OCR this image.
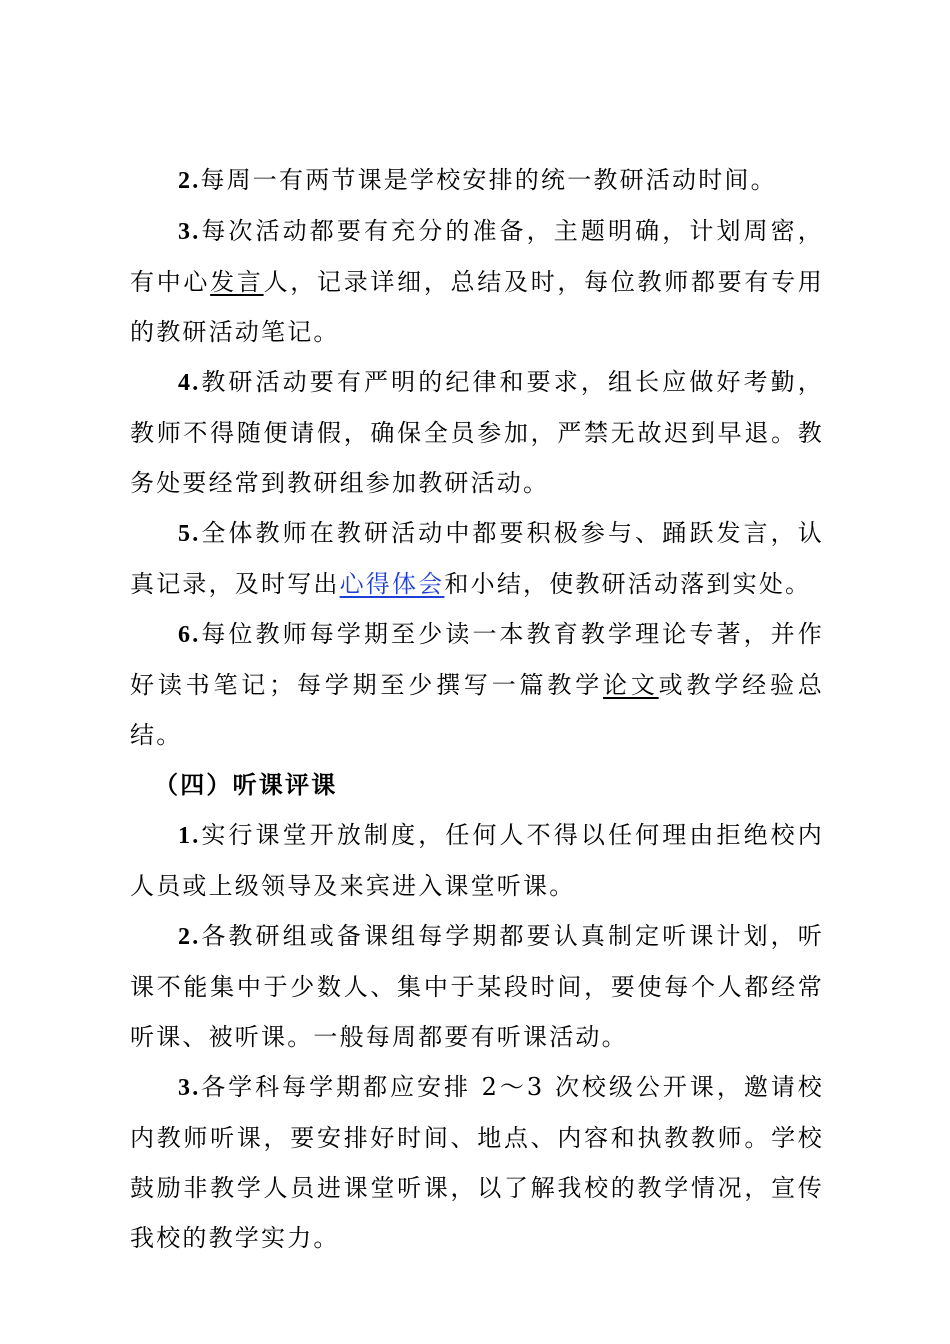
2.每周一有两节课是学校安排的统一教研活动时间。

3.每次活动都要有充分的准备，主题明确，计划周密，有中心发言人，记录详细，总结及时，每位教师都要有专用的教研活动笔记。

4.教研活动要有严明的纪律和要求，组长应做好考勤，教师不得随便请假，确保全员参加，严禁无故迟到早退。教务处要经常到教研组参加教研活动。

5.全体教师在教研活动中都要积极参与、踊跃发言，认真记录，及时写出心得体会和小结，使教研活动落到实处。

6.每位教师每学期至少读一本教育教学理论专著，并作好读书笔记；每学期至少撰写一篇教学论文或教学经验总结。

（四）听课评课

1.实行课堂开放制度，任何人不得以任何理由拒绝校内人员或上级领导及来宾进入课堂听课。

2.各教研组或备课组每学期都要认真制定听课计划，听课不能集中于少数人、集中于某段时间，要使每个人都经常听课、被听课。一般每周都要有听课活动。

3.各学科每学期都应安排 2～3 次校级公开课，邀请校内教师听课，要安排好时间、地点、内容和执教教师。学校鼓励非教学人员进课堂听课，以了解我校的教学情况，宣传我校的教学实力。
